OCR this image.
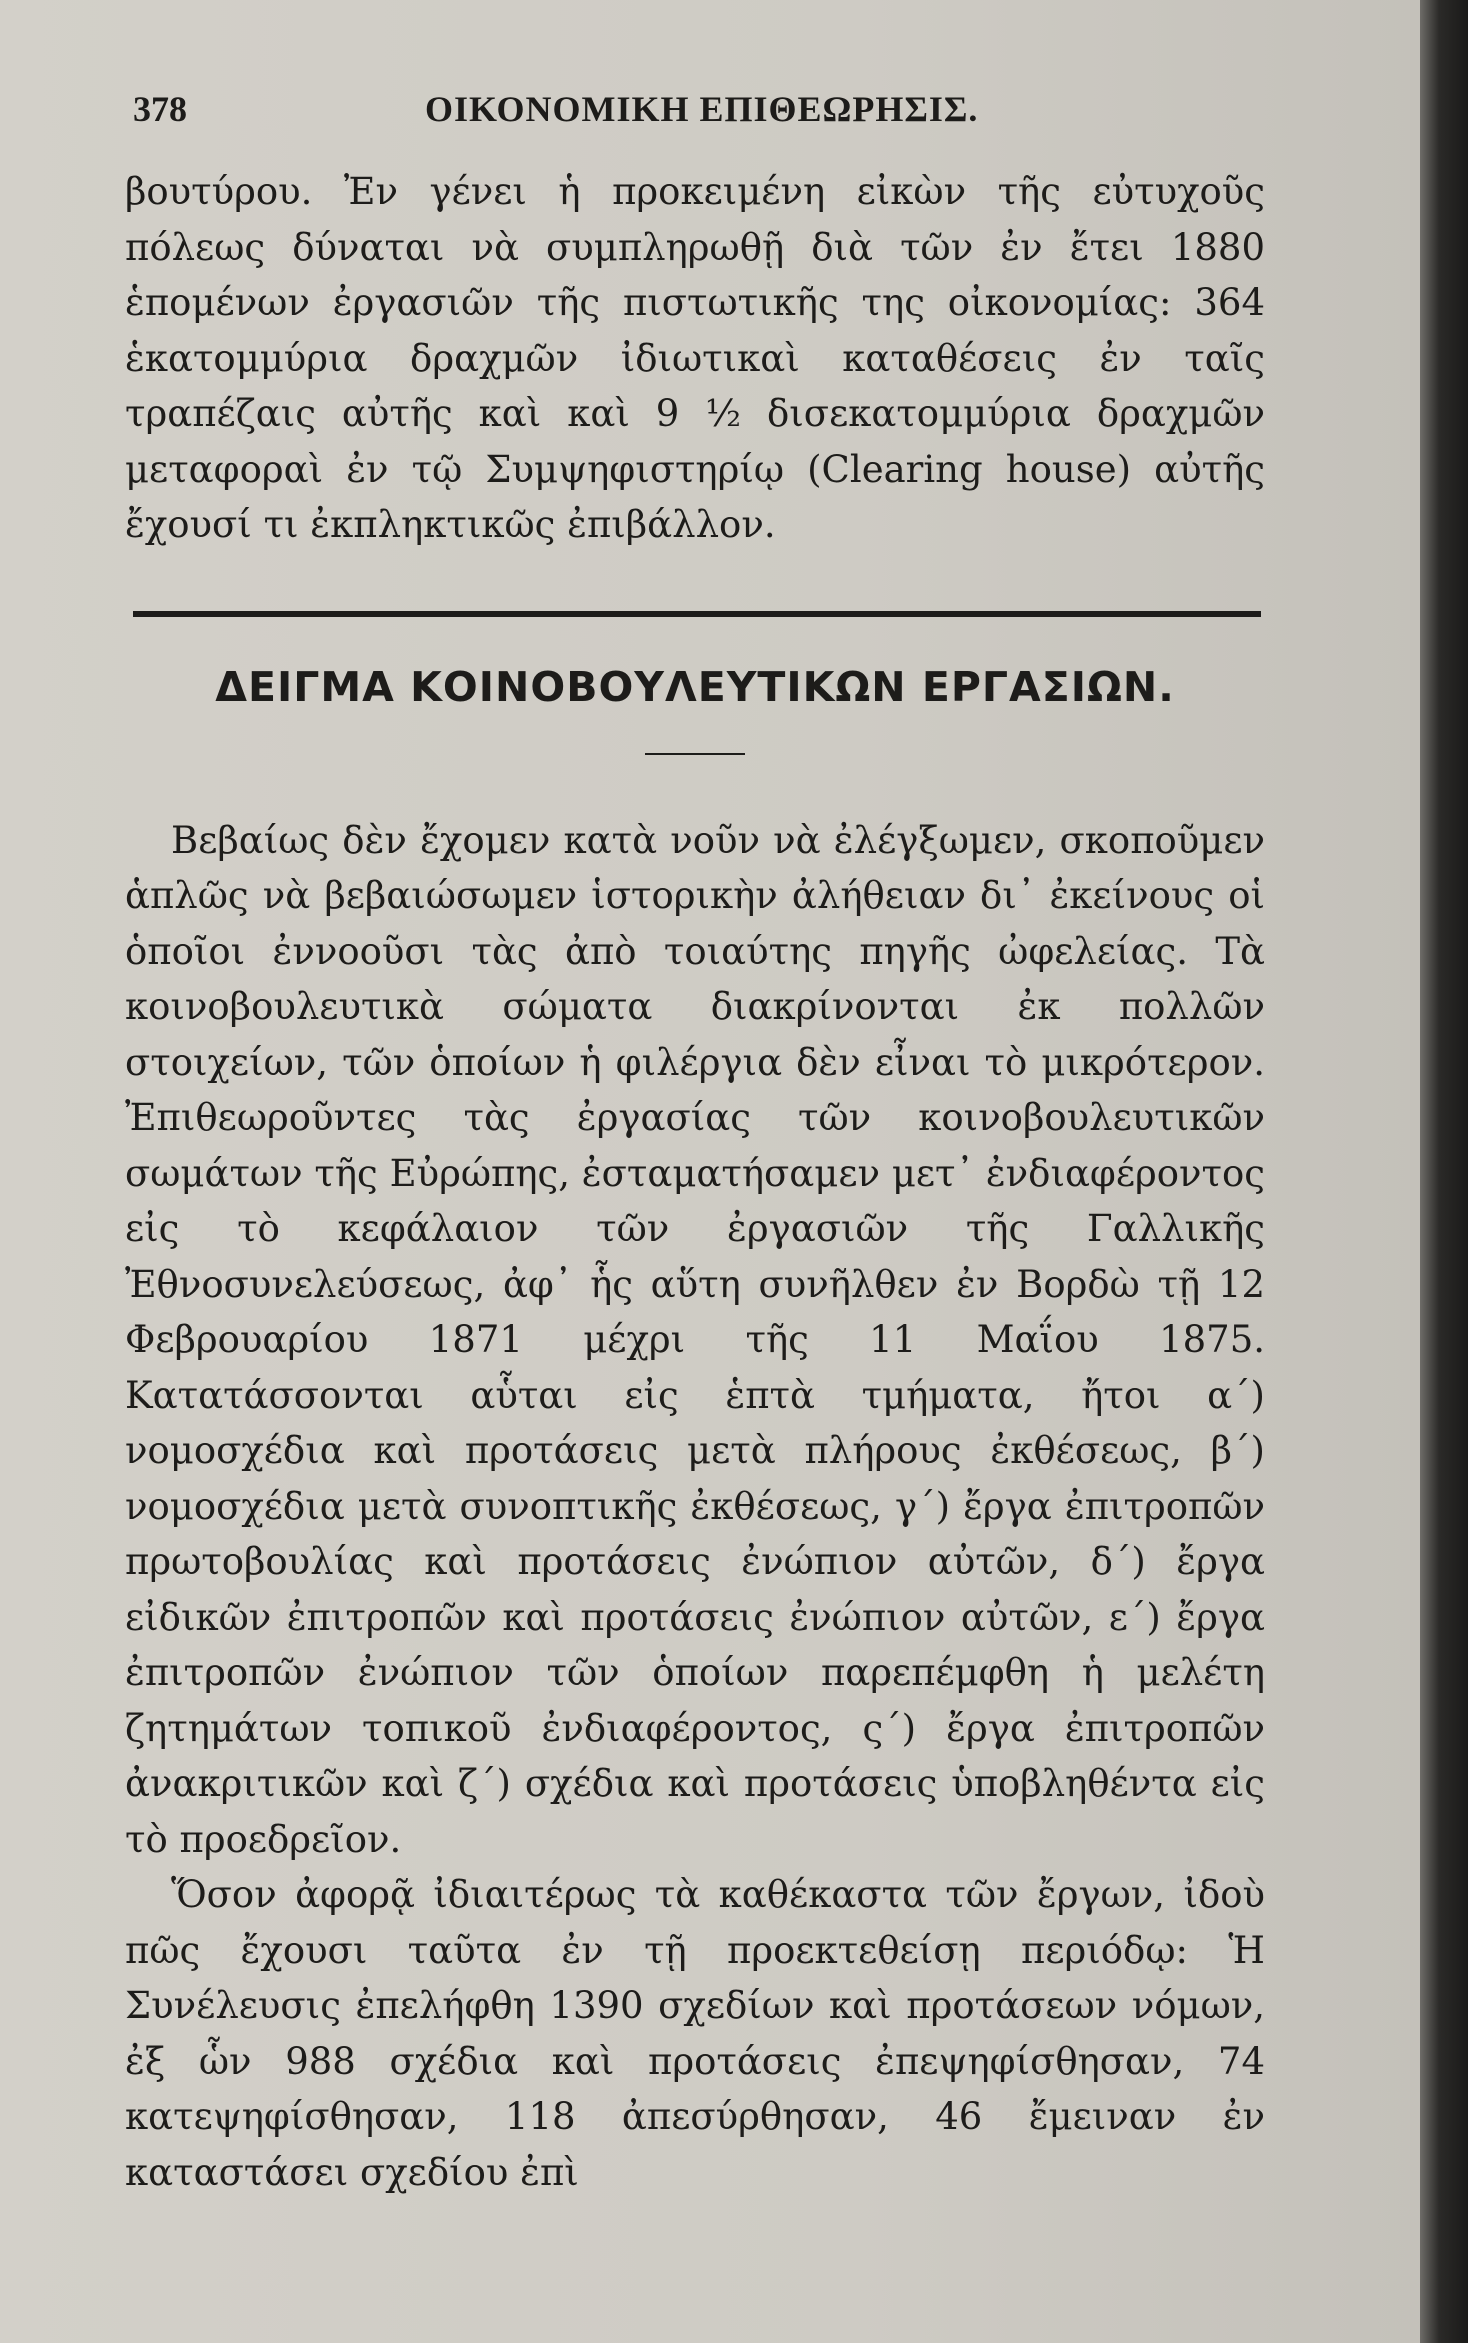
378	ΟΙΚΟΝΟΜΙΚΗ ΕΠΙΘΕΩΡΗΣΙΣ.

βουτύρου. Ἐν γένει ἡ προκειμένη εἰκὼν τῆς εὐτυχοῦς πόλεως δύναται νὰ συμπληρωθῇ διὰ τῶν ἐν ἔτει 1880 ἑπομένων ἐργασιῶν τῆς πιστωτικῆς της οἰκονομίας: 364 ἑκατομμύρια δραχμῶν ἰδιωτικαὶ καταθέσεις ἐν ταῖς τραπέζαις αὐτῆς καὶ καὶ 9 ½ δισεκατομμύρια δραχμῶν μεταφοραὶ ἐν τῷ Συμψηφιστηρίῳ (Clearing house) αὐτῆς ἔχουσί τι ἐκπληκτικῶς ἐπιβάλλον.

ΔΕΙΓΜΑ ΚΟΙΝΟΒΟΥΛΕΥΤΙΚΩΝ ΕΡΓΑΣΙΩΝ.

Βεβαίως δὲν ἔχομεν κατὰ νοῦν νὰ ἐλέγξωμεν, σκοποῦμεν ἁπλῶς νὰ βεβαιώσωμεν ἱστορικὴν ἀλήθειαν δι᾽ ἐκείνους οἱ ὁποῖοι ἐννοοῦσι τὰς ἀπὸ τοιαύτης πηγῆς ὠφελείας. Τὰ κοινοβουλευτικὰ σώματα διακρίνονται ἐκ πολλῶν στοιχείων, τῶν ὁποίων ἡ φιλέργια δὲν εἶναι τὸ μικρότερον. Ἐπιθεωροῦντες τὰς ἐργασίας τῶν κοινοβουλευτικῶν σωμάτων τῆς Εὐρώπης, ἐσταματήσαμεν μετ᾽ ἐνδιαφέροντος εἰς τὸ κεφάλαιον τῶν ἐργασιῶν τῆς Γαλλικῆς Ἐθνοσυνελεύσεως, ἀφ᾽ ἧς αὕτη συνῆλθεν ἐν Βορδὼ τῇ 12 Φεβρουαρίου 1871 μέχρι τῆς 11 Μαΐου 1875. Κατατάσσονται αὗται εἰς ἑπτὰ τμήματα, ἤτοι α΄) νομοσχέδια καὶ προτάσεις μετὰ πλήρους ἐκθέσεως, β΄) νομοσχέδια μετὰ συνοπτικῆς ἐκθέσεως, γ΄) ἔργα ἐπιτροπῶν πρωτοβουλίας καὶ προτάσεις ἐνώπιον αὐτῶν, δ΄) ἔργα εἰδικῶν ἐπιτροπῶν καὶ προτάσεις ἐνώπιον αὐτῶν, ε΄) ἔργα ἐπιτροπῶν ἐνώπιον τῶν ὁποίων παρεπέμφθη ἡ μελέτη ζητημάτων τοπικοῦ ἐνδιαφέροντος, ς΄) ἔργα ἐπιτροπῶν ἀνακριτικῶν καὶ ζ΄) σχέδια καὶ προτάσεις ὑποβληθέντα εἰς τὸ προεδρεῖον.

Ὅσον ἀφορᾷ ἰδιαιτέρως τὰ καθέκαστα τῶν ἔργων, ἰδοὺ πῶς ἔχουσι ταῦτα ἐν τῇ προεκτεθείσῃ περιόδῳ: Ἡ Συνέλευσις ἐπελήφθη 1390 σχεδίων καὶ προτάσεων νόμων, ἐξ ὧν 988 σχέδια καὶ προτάσεις ἐπεψηφίσθησαν, 74 κατεψηφίσθησαν, 118 ἀπεσύρθησαν, 46 ἔμειναν ἐν καταστάσει σχεδίου ἐπὶ
